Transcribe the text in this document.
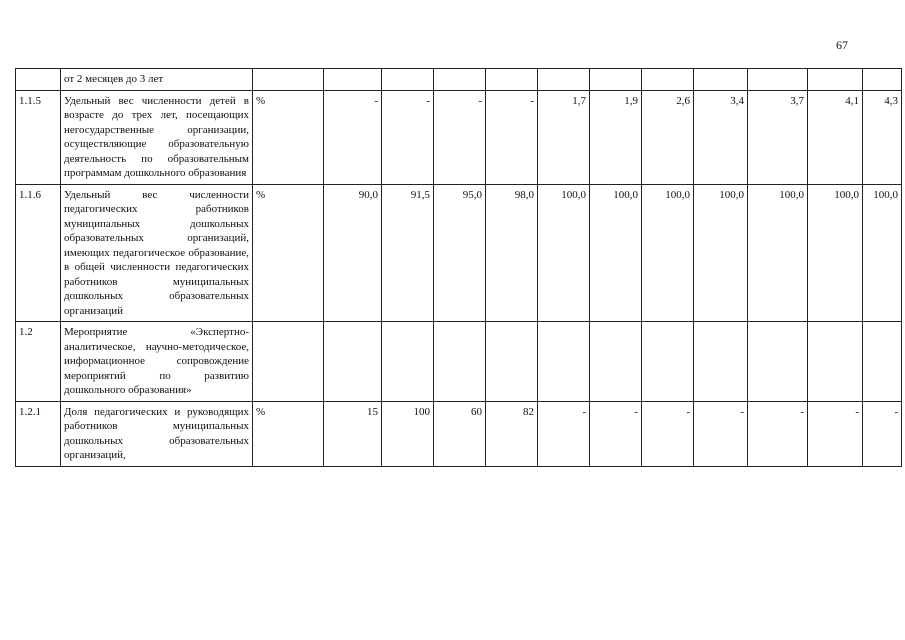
67
	от 2 месяцев до 3 лет												
1.1.5	Удельный вес численности детей в возрасте до трех лет, посещающих негосударственные организации, осуществляющие образовательную деятельность по образовательным программам дошкольного образования	%	-	-	-	-	1,7	1,9	2,6	3,4	3,7	4,1	4,3
1.1.6	Удельный вес численности педагогических работников муниципальных дошкольных образовательных организаций, имеющих педагогическое образование, в общей численности педагогических работников муниципальных дошкольных образовательных организаций	%	90,0	91,5	95,0	98,0	100,0	100,0	100,0	100,0	100,0	100,0	100,0
1.2	Мероприятие «Экспертно-аналитическое, научно-методическое, информационное сопровождение мероприятий по развитию дошкольного образования»												
1.2.1	Доля педагогических и руководящих работников муниципальных дошкольных образовательных организаций,	%	15	100	60	82	-	-	-	-	-	-	-
